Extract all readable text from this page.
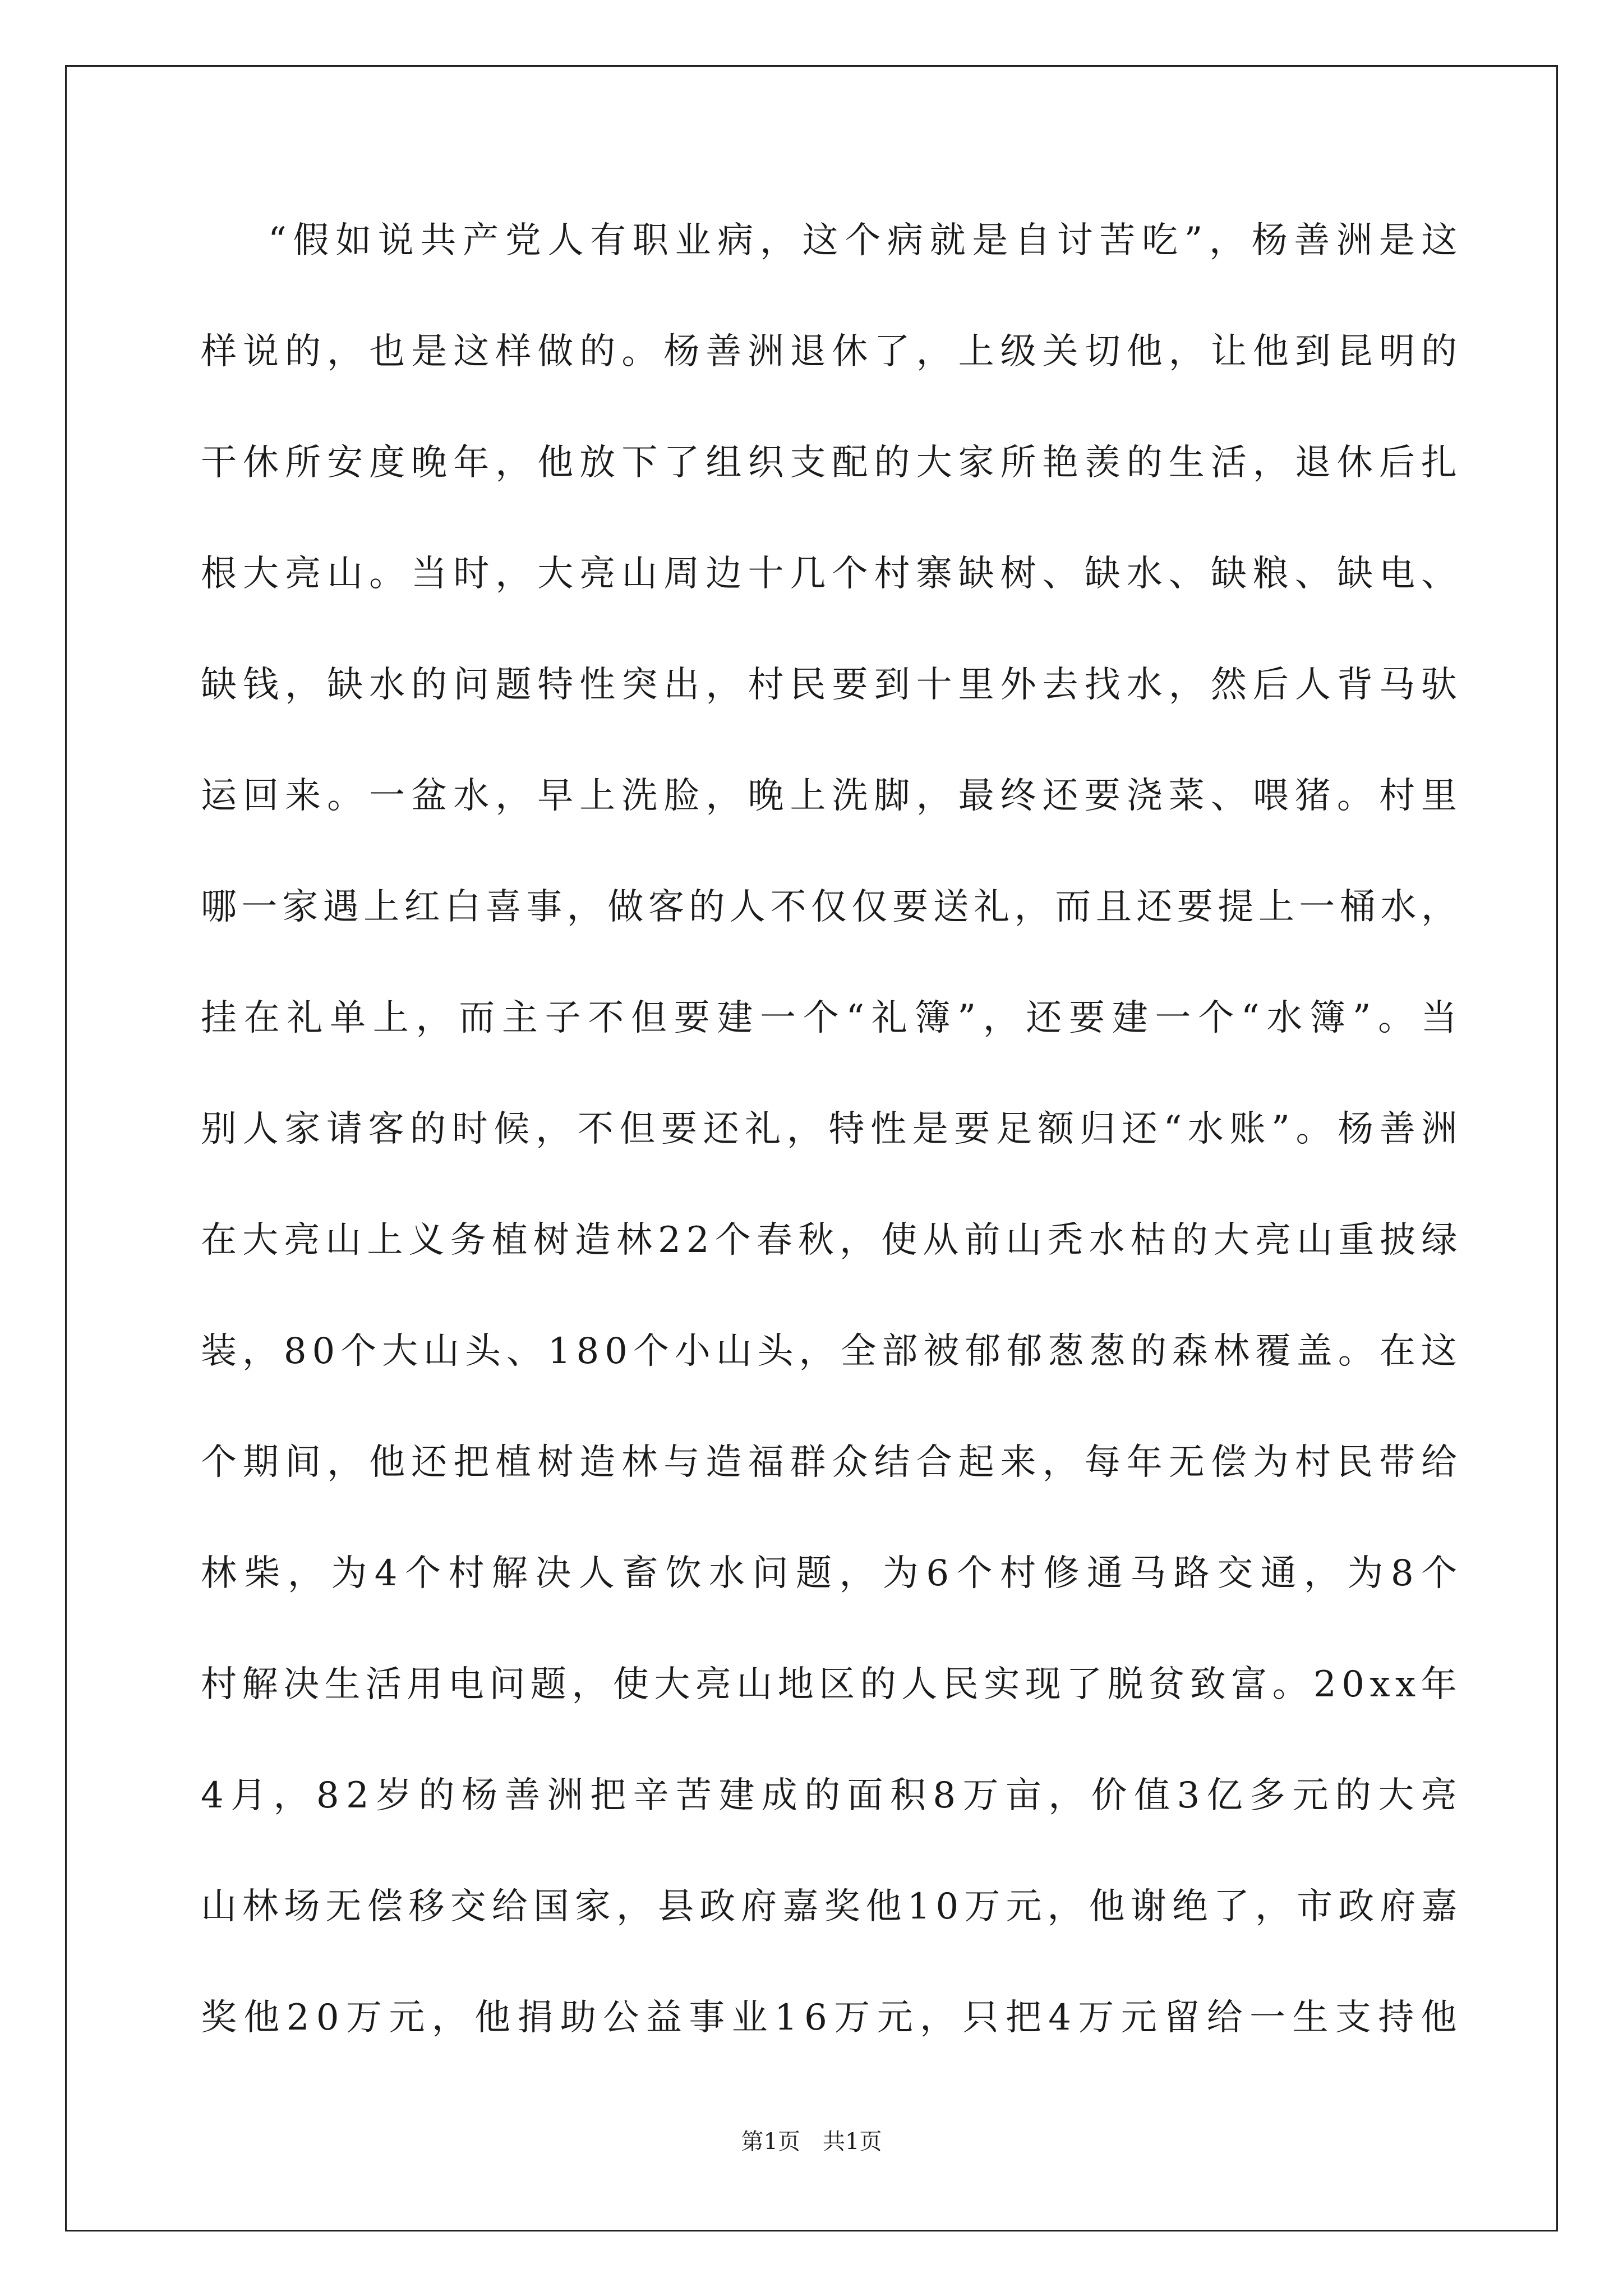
“假如说共产党人有职业病，这个病就是自讨苦吃”，杨善洲是这
样说的，也是这样做的。杨善洲退休了，上级关切他，让他到昆明的
干休所安度晚年，他放下了组织支配的大家所艳羡的生活，退休后扎
根大亮山。当时，大亮山周边十几个村寨缺树、缺水、缺粮、缺电、
缺钱，缺水的问题特性突出，村民要到十里外去找水，然后人背马驮
运回来。一盆水，早上洗脸，晚上洗脚，最终还要浇菜、喂猪。村里
哪一家遇上红白喜事，做客的人不仅仅要送礼，而且还要提上一桶水，
挂在礼单上，而主子不但要建一个“礼簿”，还要建一个“水簿”。当
别人家请客的时候，不但要还礼，特性是要足额归还“水账”。杨善洲
在大亮山上义务植树造林22个春秋，使从前山秃水枯的大亮山重披绿
装，80个大山头、180个小山头，全部被郁郁葱葱的森林覆盖。在这
个期间，他还把植树造林与造福群众结合起来，每年无偿为村民带给
林柴，为4个村解决人畜饮水问题，为6个村修通马路交通，为8个
村解决生活用电问题，使大亮山地区的人民实现了脱贫致富。20xx年
4月，82岁的杨善洲把辛苦建成的面积8万亩，价值3亿多元的大亮
山林场无偿移交给国家，县政府嘉奖他10万元，他谢绝了，市政府嘉
奖他20万元，他捐助公益事业16万元，只把4万元留给一生支持他
第1页　共1页
